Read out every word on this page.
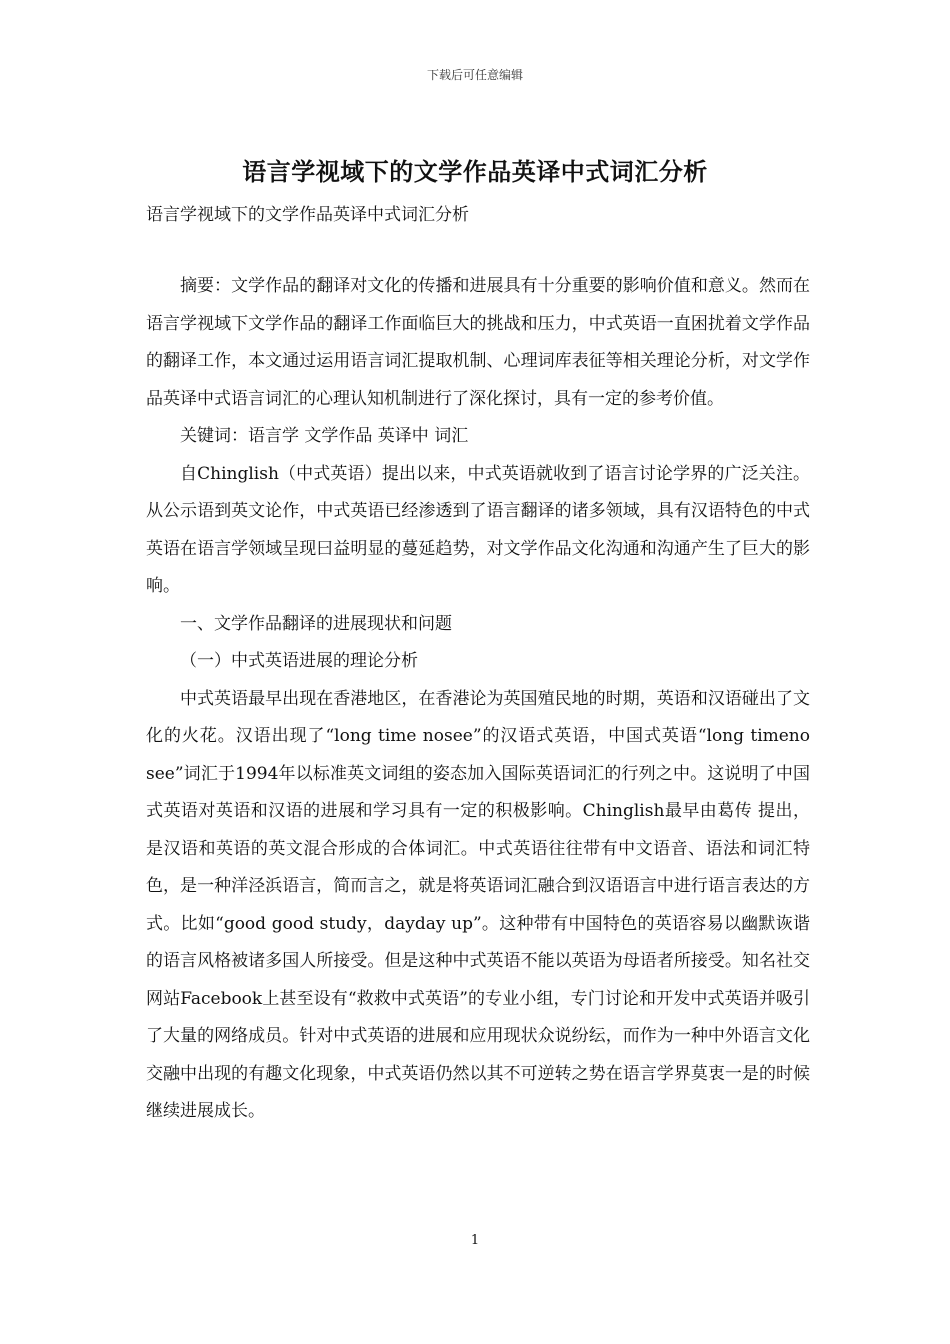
下载后可任意编辑
语言学视域下的文学作品英译中式词汇分析
语言学视域下的文学作品英译中式词汇分析

摘要：文学作品的翻译对文化的传播和进展具有十分重要的影响价值和意义。然而在语言学视域下文学作品的翻译工作面临巨大的挑战和压力，中式英语一直困扰着文学作品的翻译工作，本文通过运用语言词汇提取机制、心理词库表征等相关理论分析，对文学作品英译中式语言词汇的心理认知机制进行了深化探讨，具有一定的参考价值。

关键词：语言学 文学作品 英译中 词汇

自Chinglish（中式英语）提出以来，中式英语就收到了语言讨论学界的广泛关注。从公示语到英文论作，中式英语已经渗透到了语言翻译的诸多领域，具有汉语特色的中式英语在语言学领域呈现曰益明显的蔓延趋势，对文学作品文化沟通和沟通产生了巨大的影响。

一、文学作品翻译的进展现状和问题

（一）中式英语进展的理论分析

中式英语最早出现在香港地区，在香港论为英国殖民地的时期，英语和汉语碰出了文化的火花。汉语出现了“long time nosee”的汉语式英语，中国式英语“long timeno see”词汇于1994年以标准英文词组的姿态加入国际英语词汇的行列之中。这说明了中国式英语对英语和汉语的进展和学习具有一定的积极影响。Chinglish最早由葛传 提出，是汉语和英语的英文混合形成的合体词汇。中式英语往往带有中文语音、语法和词汇特色，是一种洋泾浜语言，简而言之，就是将英语词汇融合到汉语语言中进行语言表达的方式。比如“good good study，dayday up”。这种带有中国特色的英语容易以幽默诙谐的语言风格被诸多国人所接受。但是这种中式英语不能以英语为母语者所接受。知名社交网站Facebook上甚至设有“救救中式英语”的专业小组，专门讨论和开发中式英语并吸引了大量的网络成员。针对中式英语的进展和应用现状众说纷纭，而作为一种中外语言文化交融中出现的有趣文化现象，中式英语仍然以其不可逆转之势在语言学界莫衷一是的时候继续进展成长。

1
